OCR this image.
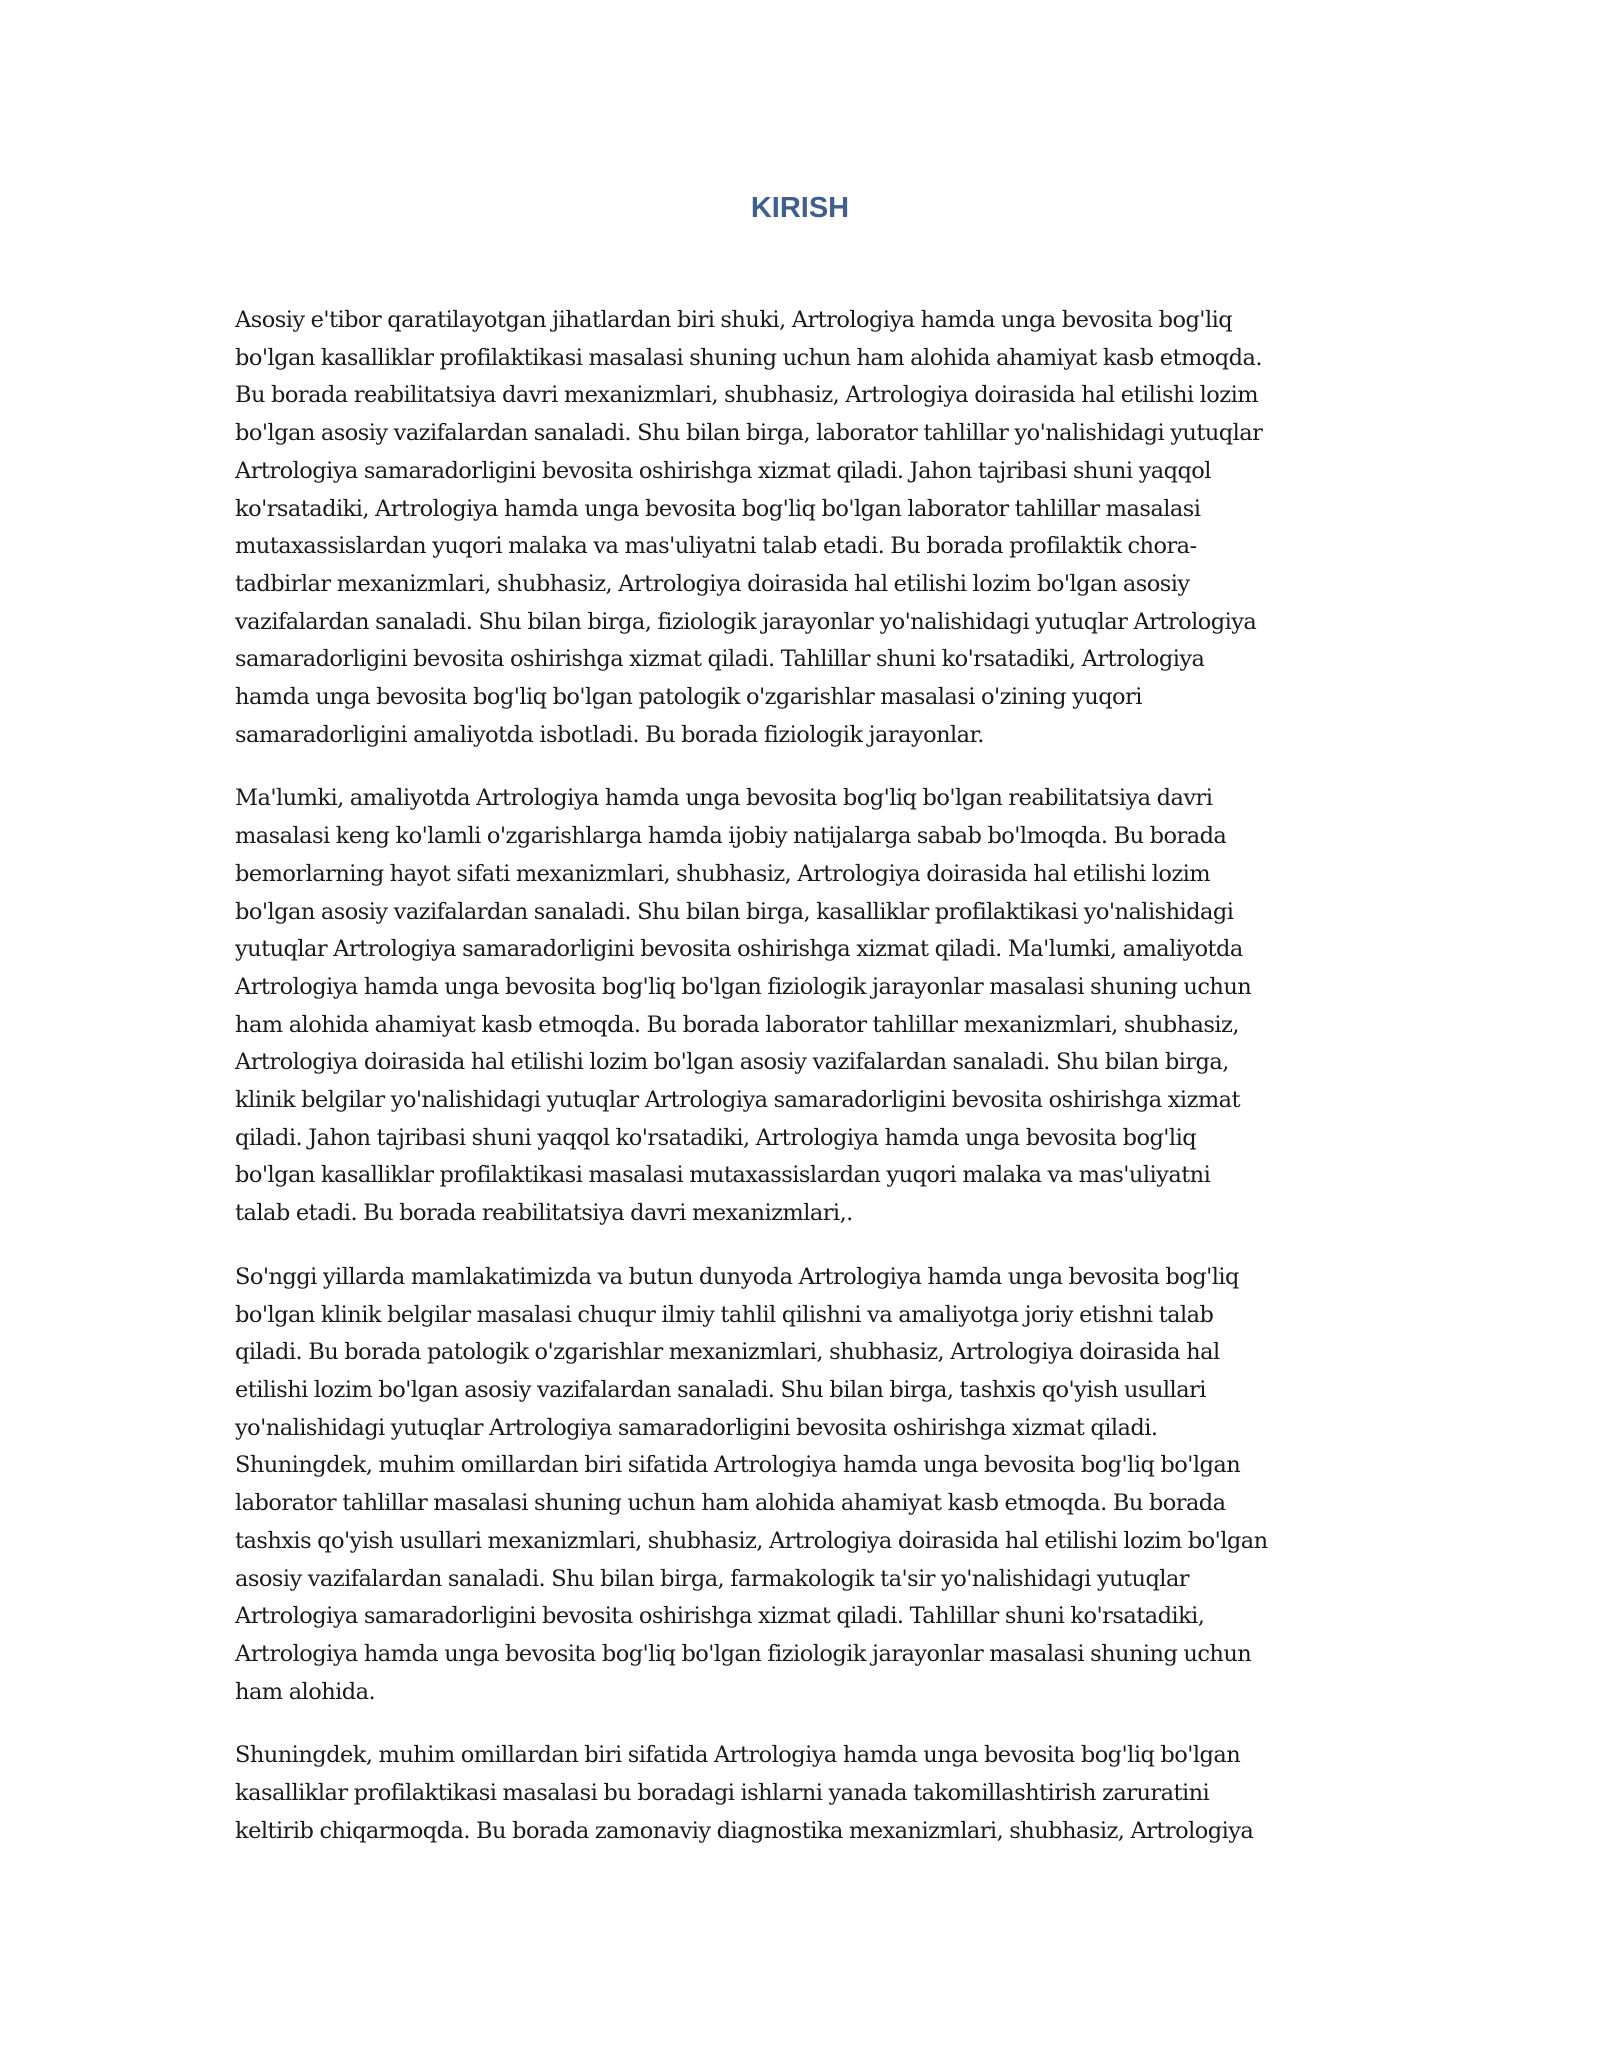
KIRISH

Asosiy e'tibor qaratilayotgan jihatlardan biri shuki, Artrologiya hamda unga bevosita bog'liq
bo'lgan kasalliklar profilaktikasi masalasi shuning uchun ham alohida ahamiyat kasb etmoqda.
Bu borada reabilitatsiya davri mexanizmlari, shubhasiz, Artrologiya doirasida hal etilishi lozim
bo'lgan asosiy vazifalardan sanaladi. Shu bilan birga, laborator tahlillar yo'nalishidagi yutuqlar
Artrologiya samaradorligini bevosita oshirishga xizmat qiladi. Jahon tajribasi shuni yaqqol
ko'rsatadiki, Artrologiya hamda unga bevosita bog'liq bo'lgan laborator tahlillar masalasi
mutaxassislardan yuqori malaka va mas'uliyatni talab etadi. Bu borada profilaktik chora-
tadbirlar mexanizmlari, shubhasiz, Artrologiya doirasida hal etilishi lozim bo'lgan asosiy
vazifalardan sanaladi. Shu bilan birga, fiziologik jarayonlar yo'nalishidagi yutuqlar Artrologiya
samaradorligini bevosita oshirishga xizmat qiladi. Tahlillar shuni ko'rsatadiki, Artrologiya
hamda unga bevosita bog'liq bo'lgan patologik o'zgarishlar masalasi o'zining yuqori
samaradorligini amaliyotda isbotladi. Bu borada fiziologik jarayonlar.

Ma'lumki, amaliyotda Artrologiya hamda unga bevosita bog'liq bo'lgan reabilitatsiya davri
masalasi keng ko'lamli o'zgarishlarga hamda ijobiy natijalarga sabab bo'lmoqda. Bu borada
bemorlarning hayot sifati mexanizmlari, shubhasiz, Artrologiya doirasida hal etilishi lozim
bo'lgan asosiy vazifalardan sanaladi. Shu bilan birga, kasalliklar profilaktikasi yo'nalishidagi
yutuqlar Artrologiya samaradorligini bevosita oshirishga xizmat qiladi. Ma'lumki, amaliyotda
Artrologiya hamda unga bevosita bog'liq bo'lgan fiziologik jarayonlar masalasi shuning uchun
ham alohida ahamiyat kasb etmoqda. Bu borada laborator tahlillar mexanizmlari, shubhasiz,
Artrologiya doirasida hal etilishi lozim bo'lgan asosiy vazifalardan sanaladi. Shu bilan birga,
klinik belgilar yo'nalishidagi yutuqlar Artrologiya samaradorligini bevosita oshirishga xizmat
qiladi. Jahon tajribasi shuni yaqqol ko'rsatadiki, Artrologiya hamda unga bevosita bog'liq
bo'lgan kasalliklar profilaktikasi masalasi mutaxassislardan yuqori malaka va mas'uliyatni
talab etadi. Bu borada reabilitatsiya davri mexanizmlari,.

So'nggi yillarda mamlakatimizda va butun dunyoda Artrologiya hamda unga bevosita bog'liq
bo'lgan klinik belgilar masalasi chuqur ilmiy tahlil qilishni va amaliyotga joriy etishni talab
qiladi. Bu borada patologik o'zgarishlar mexanizmlari, shubhasiz, Artrologiya doirasida hal
etilishi lozim bo'lgan asosiy vazifalardan sanaladi. Shu bilan birga, tashxis qo'yish usullari
yo'nalishidagi yutuqlar Artrologiya samaradorligini bevosita oshirishga xizmat qiladi.
Shuningdek, muhim omillardan biri sifatida Artrologiya hamda unga bevosita bog'liq bo'lgan
laborator tahlillar masalasi shuning uchun ham alohida ahamiyat kasb etmoqda. Bu borada
tashxis qo'yish usullari mexanizmlari, shubhasiz, Artrologiya doirasida hal etilishi lozim bo'lgan
asosiy vazifalardan sanaladi. Shu bilan birga, farmakologik ta'sir yo'nalishidagi yutuqlar
Artrologiya samaradorligini bevosita oshirishga xizmat qiladi. Tahlillar shuni ko'rsatadiki,
Artrologiya hamda unga bevosita bog'liq bo'lgan fiziologik jarayonlar masalasi shuning uchun
ham alohida.

Shuningdek, muhim omillardan biri sifatida Artrologiya hamda unga bevosita bog'liq bo'lgan
kasalliklar profilaktikasi masalasi bu boradagi ishlarni yanada takomillashtirish zaruratini
keltirib chiqarmoqda. Bu borada zamonaviy diagnostika mexanizmlari, shubhasiz, Artrologiya
